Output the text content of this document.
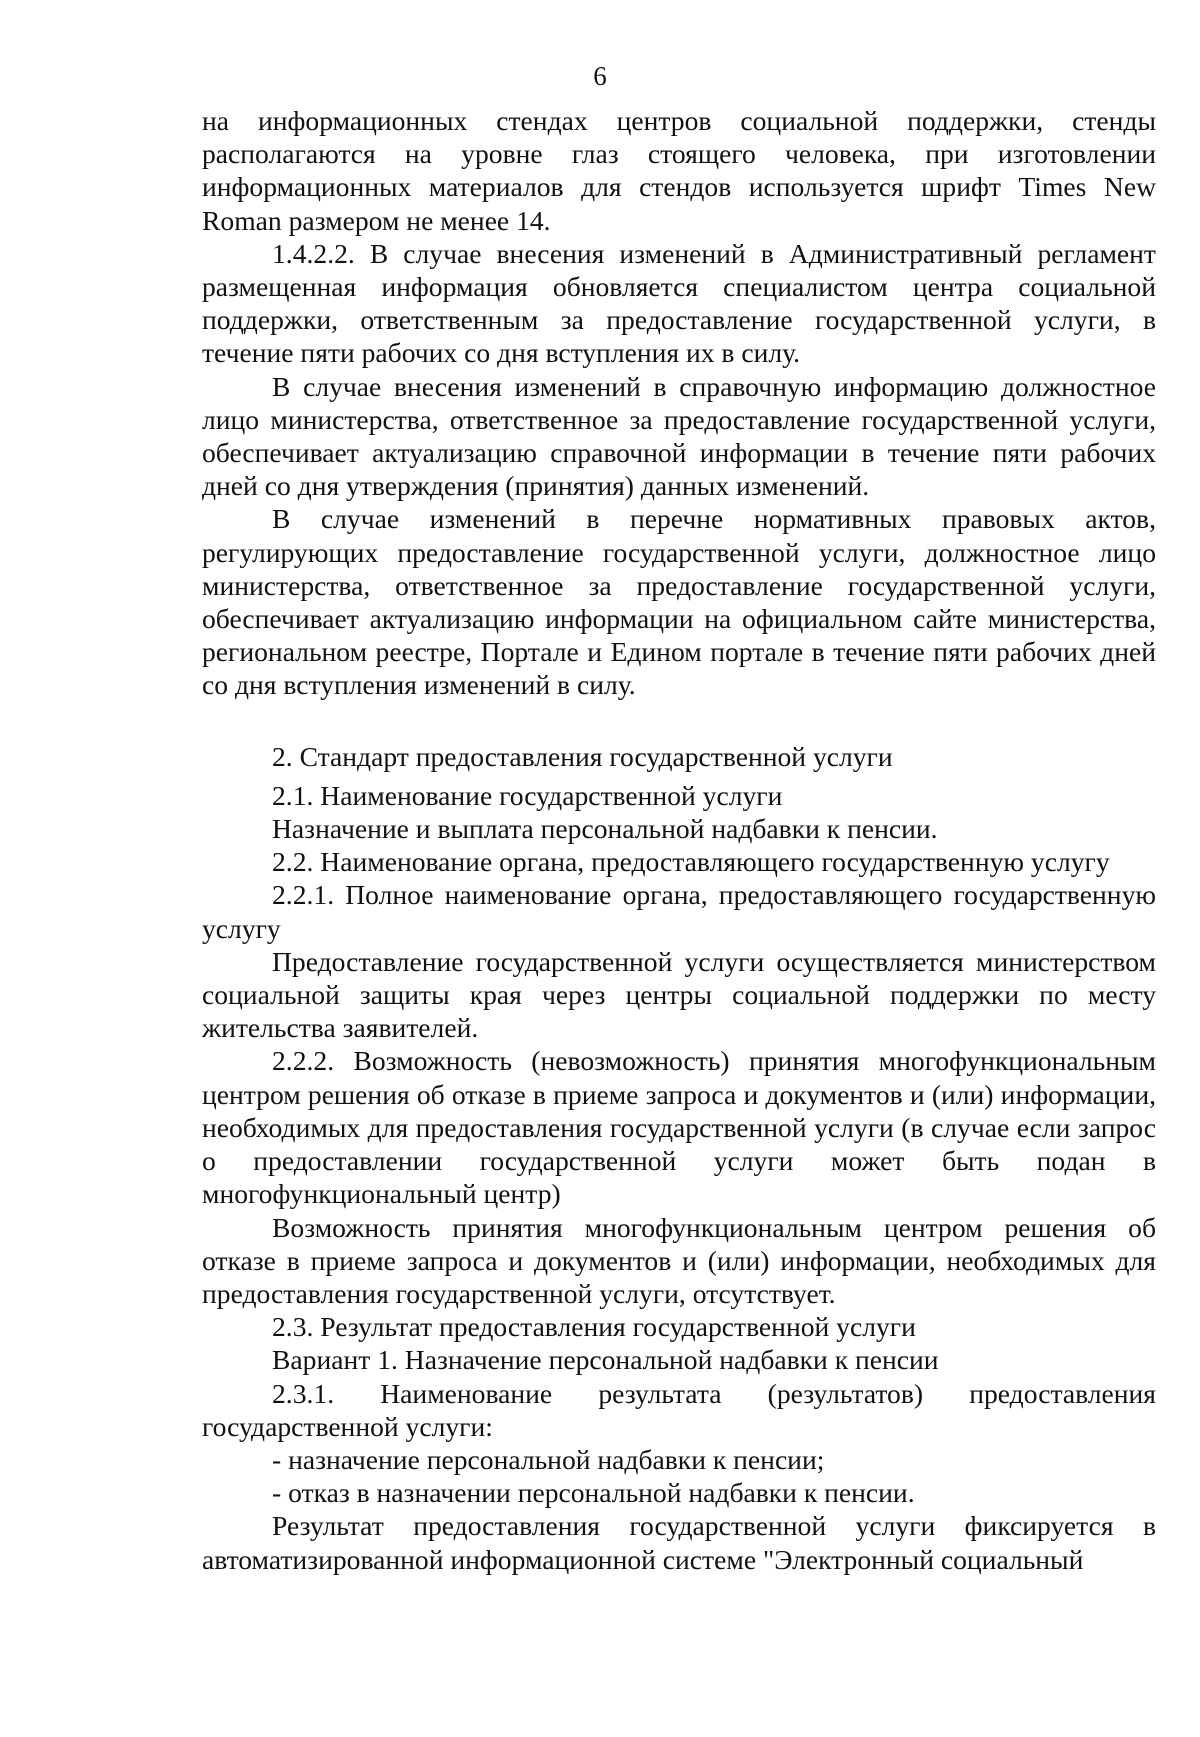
6

на информационных стендах центров социальной поддержки, стенды располагаются на уровне глаз стоящего человека, при изготовлении информационных материалов для стендов используется шрифт Times New Roman размером не менее 14.

1.4.2.2. В случае внесения изменений в Административный регламент размещенная информация обновляется специалистом центра социальной поддержки, ответственным за предоставление государственной услуги, в течение пяти рабочих со дня вступления их в силу.

В случае внесения изменений в справочную информацию должностное лицо министерства, ответственное за предоставление государственной услуги, обеспечивает актуализацию справочной информации в течение пяти рабочих дней со дня утверждения (принятия) данных изменений.

В случае изменений в перечне нормативных правовых актов, регулирующих предоставление государственной услуги, должностное лицо министерства, ответственное за предоставление государственной услуги, обеспечивает актуализацию информации на официальном сайте министерства, региональном реестре, Портале и Едином портале в течение пяти рабочих дней со дня вступления изменений в силу.

2. Стандарт предоставления государственной услуги

2.1. Наименование государственной услуги

Назначение и выплата персональной надбавки к пенсии.

2.2. Наименование органа, предоставляющего государственную услугу

2.2.1. Полное наименование органа, предоставляющего государственную услугу

Предоставление государственной услуги осуществляется министерством социальной защиты края через центры социальной поддержки по месту жительства заявителей.

2.2.2. Возможность (невозможность) принятия многофункциональным центром решения об отказе в приеме запроса и документов и (или) информации, необходимых для предоставления государственной услуги (в случае если запрос о предоставлении государственной услуги может быть подан в многофункциональный центр)

Возможность принятия многофункциональным центром решения об отказе в приеме запроса и документов и (или) информации, необходимых для предоставления государственной услуги, отсутствует.

2.3. Результат предоставления государственной услуги

Вариант 1. Назначение персональной надбавки к пенсии

2.3.1. Наименование результата (результатов) предоставления государственной услуги:

- назначение персональной надбавки к пенсии;

- отказ в назначении персональной надбавки к пенсии.

Результат предоставления государственной услуги фиксируется в автоматизированной информационной системе "Электронный социальный
